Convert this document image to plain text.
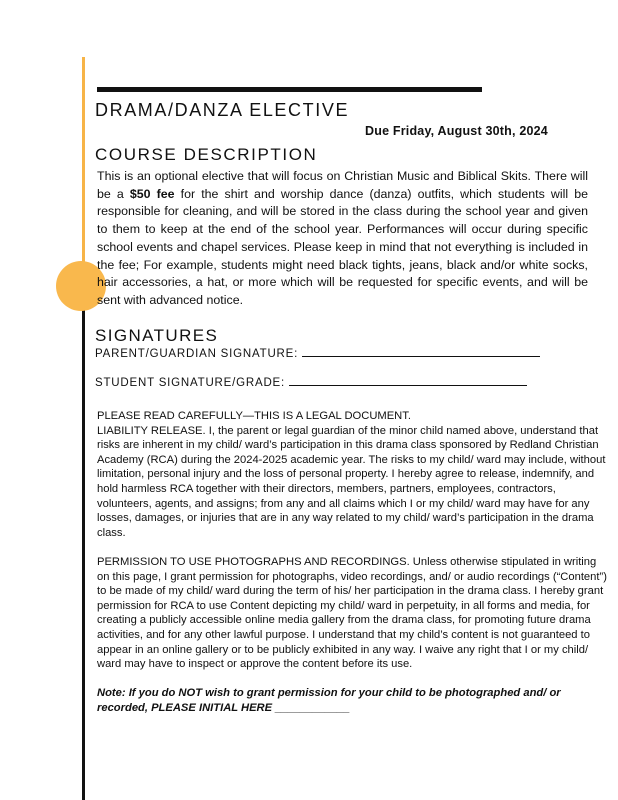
DRAMA/DANZA ELECTIVE
Due Friday, August 30th, 2024
COURSE DESCRIPTION

This is an optional elective that will focus on Christian Music and Biblical Skits. There will be a $50 fee for the shirt and worship dance (danza) outfits, which students will be responsible for cleaning, and will be stored in the class during the school year and given to them to keep at the end of the school year. Performances will occur during specific school events and chapel services. Please keep in mind that not everything is included in the fee; For example, students might need black tights, jeans, black and/or white socks, hair accessories, a hat, or more which will be requested for specific events, and will be sent with advanced notice.

SIGNATURES
PARENT/GUARDIAN SIGNATURE:
STUDENT SIGNATURE/GRADE:

PLEASE READ CAREFULLY—THIS IS A LEGAL DOCUMENT.

LIABILITY RELEASE. I, the parent or legal guardian of the minor child named above, understand that risks are inherent in my child/ ward’s participation in this drama class sponsored by Redland Christian Academy (RCA) during the 2024-2025 academic year. The risks to my child/ ward may include, without limitation, personal injury and the loss of personal property. I hereby agree to release, indemnify, and hold harmless RCA together with their directors, members, partners, employees, contractors, volunteers, agents, and assigns; from any and all claims which I or my child/ ward may have for any losses, damages, or injuries that are in any way related to my child/ ward’s participation in the drama class.

PERMISSION TO USE PHOTOGRAPHS AND RECORDINGS. Unless otherwise stipulated in writing on this page, I grant permission for photographs, video recordings, and/ or audio recordings (“Content”) to be made of my child/ ward during the term of his/ her participation in the drama class. I hereby grant permission for RCA to use Content depicting my child/ ward in perpetuity, in all forms and media, for creating a publicly accessible online media gallery from the drama class, for promoting future drama activities, and for any other lawful purpose. I understand that my child’s content is not guaranteed to appear in an online gallery or to be publicly exhibited in any way. I waive any right that I or my child/ ward may have to inspect or approve the content before its use.

Note: If you do NOT wish to grant permission for your child to be photographed and/ or recorded, PLEASE INITIAL HERE ____________
